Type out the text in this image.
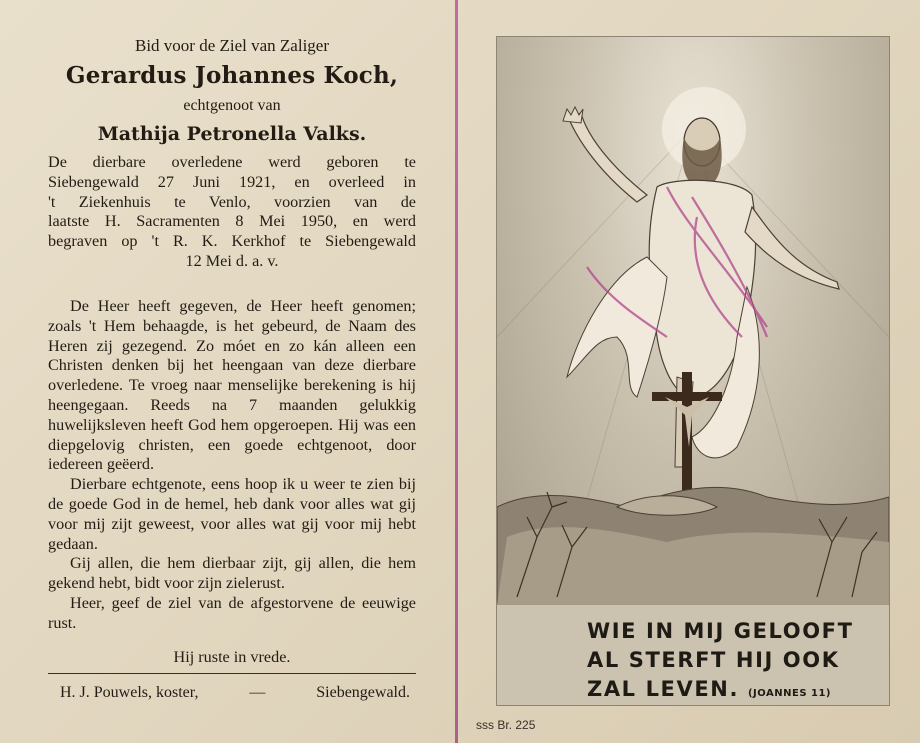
Bid voor de Ziel van Zaliger
Gerardus Johannes Koch,
echtgenoot van
Mathija Petronella Valks.
De dierbare overledene werd geboren te
Siebengewald 27 Juni 1921, en overleed in
't Ziekenhuis te Venlo, voorzien van de
laatste H. Sacramenten 8 Mei 1950, en werd
begraven op 't R. K. Kerkhof te Siebengewald
12 Mei d. a. v.

De Heer heeft gegeven, de Heer heeft genomen; zoals 't Hem behaagde, is het gebeurd, de Naam des Heren zij gezegend. Zo móet en zo kán alleen een Christen denken bij het heengaan van deze dierbare overledene. Te vroeg naar menselijke berekening is hij heengegaan. Reeds na 7 maanden gelukkig huwelijksleven heeft God hem opgeroepen. Hij was een diepgelovig christen, een goede echtgenoot, door iedereen geëerd.

Dierbare echtgenote, eens hoop ik u weer te zien bij de goede God in de hemel, heb dank voor alles wat gij voor mij zijt geweest, voor alles wat gij voor mij hebt gedaan.

Gij allen, die hem dierbaar zijt, gij allen, die hem gekend hebt, bidt voor zijn zielerust.

Heer, geef de ziel van de afgestorvene de eeuwige rust.

Hij ruste in vrede.
H. J. Pouwels, koster,	—	Siebengewald.
WIE IN MIJ GELOOFT
AL STERFT HIJ OOK
ZAL LEVEN. (JOANNES 11)
sss Br. 225
